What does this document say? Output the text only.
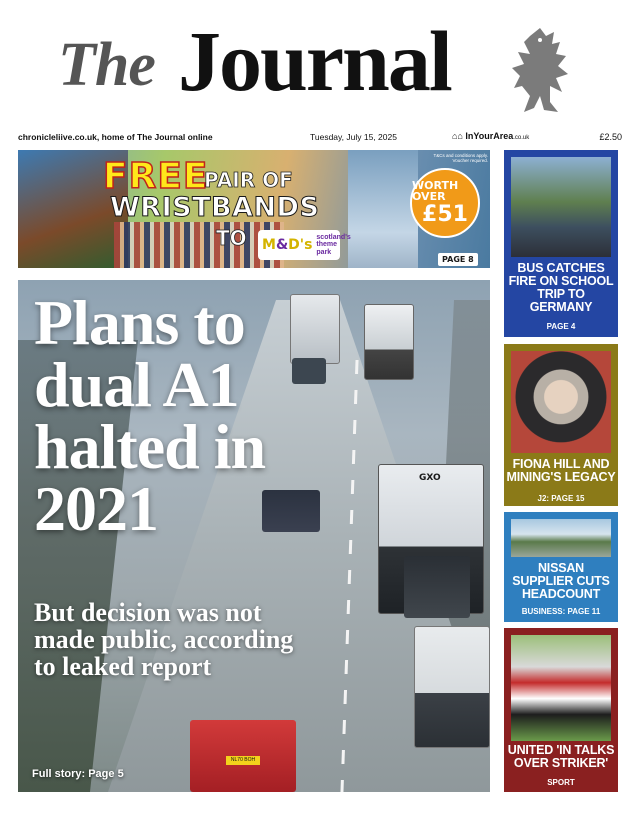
The Journal
chronicleliive.co.uk, home of The Journal online	Tuesday, July 15, 2025	⌂⌂ InYourArea.co.uk	£2.50
FREE
PAIR OF
WRISTBANDS
TO M&D's scotland's theme park
T&Cs and conditions apply. Voucher required.
WORTH OVER
£51
PAGE 8
GXO
NL70 BOH
Plans to dual A1 halted in 2021
But decision was not made public, according to leaked report
Full story: Page 5
BUS CATCHES FIRE ON SCHOOL TRIP TO GERMANY
PAGE 4
FIONA HILL AND MINING'S LEGACY
J2: PAGE 15
NISSAN SUPPLIER CUTS HEADCOUNT
BUSINESS: PAGE 11
UNITED 'IN TALKS OVER STRIKER'
SPORT
